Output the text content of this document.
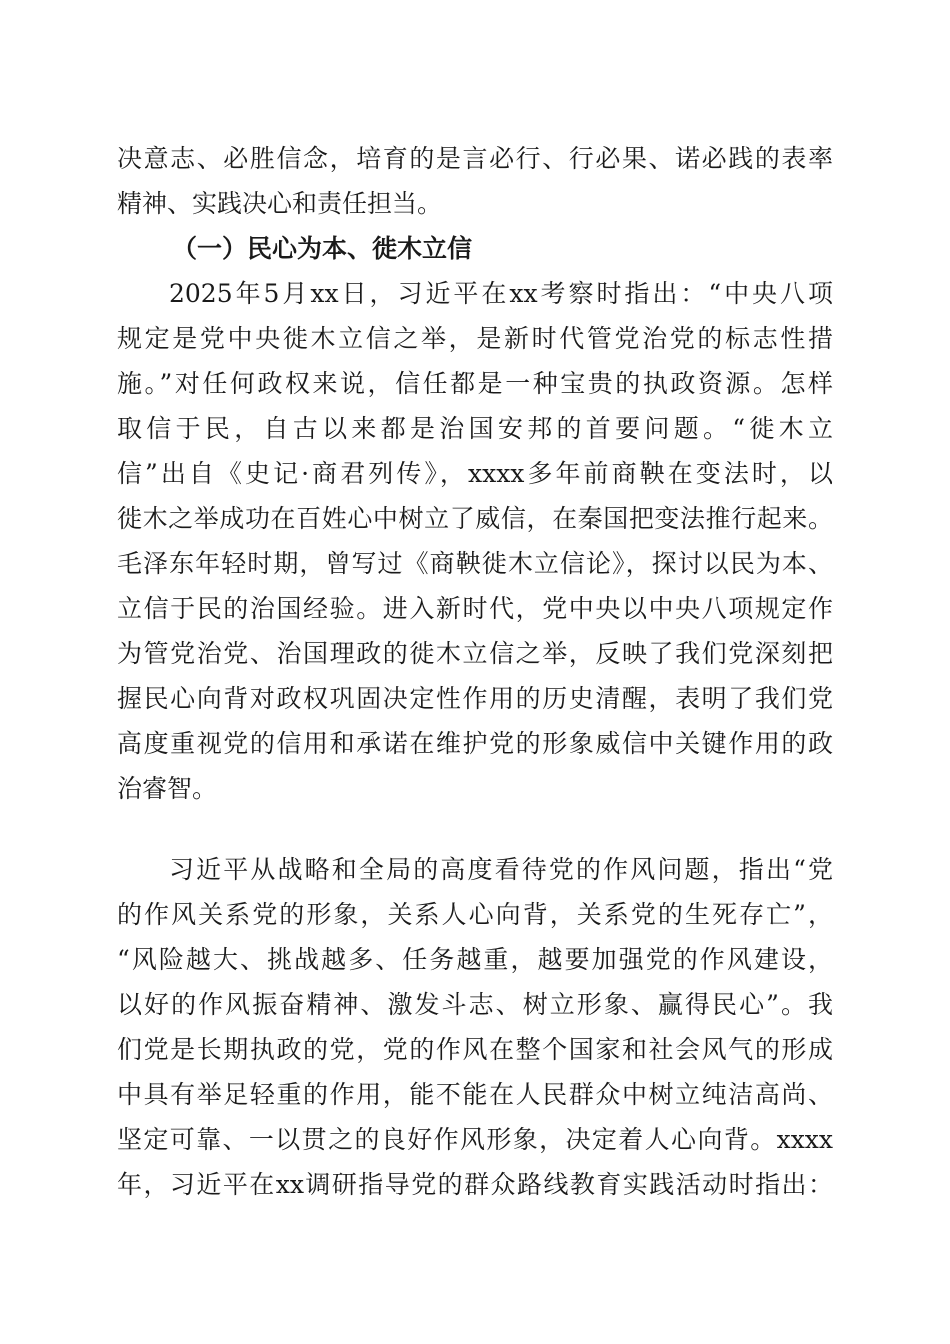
决意志、必胜信念，培育的是言必行、行必果、诺必践的表率
精神、实践决心和责任担当。
（一）民心为本、徙木立信
2025年5月xx日，习近平在xx考察时指出：“中央八项
规定是党中央徙木立信之举，是新时代管党治党的标志性措
施。”对任何政权来说，信任都是一种宝贵的执政资源。怎样
取信于民，自古以来都是治国安邦的首要问题。“徙木立
信”出自《史记·商君列传》，xxxx多年前商鞅在变法时，以
徙木之举成功在百姓心中树立了威信，在秦国把变法推行起来。
毛泽东年轻时期，曾写过《商鞅徙木立信论》，探讨以民为本、
立信于民的治国经验。进入新时代，党中央以中央八项规定作
为管党治党、治国理政的徙木立信之举，反映了我们党深刻把
握民心向背对政权巩固决定性作用的历史清醒，表明了我们党
高度重视党的信用和承诺在维护党的形象威信中关键作用的政
治睿智。
习近平从战略和全局的高度看待党的作风问题，指出“党
的作风关系党的形象，关系人心向背，关系党的生死存亡”，
“风险越大、挑战越多、任务越重，越要加强党的作风建设，
以好的作风振奋精神、激发斗志、树立形象、赢得民心”。我
们党是长期执政的党，党的作风在整个国家和社会风气的形成
中具有举足轻重的作用，能不能在人民群众中树立纯洁高尚、
坚定可靠、一以贯之的良好作风形象，决定着人心向背。xxxx
年，习近平在xx调研指导党的群众路线教育实践活动时指出：
